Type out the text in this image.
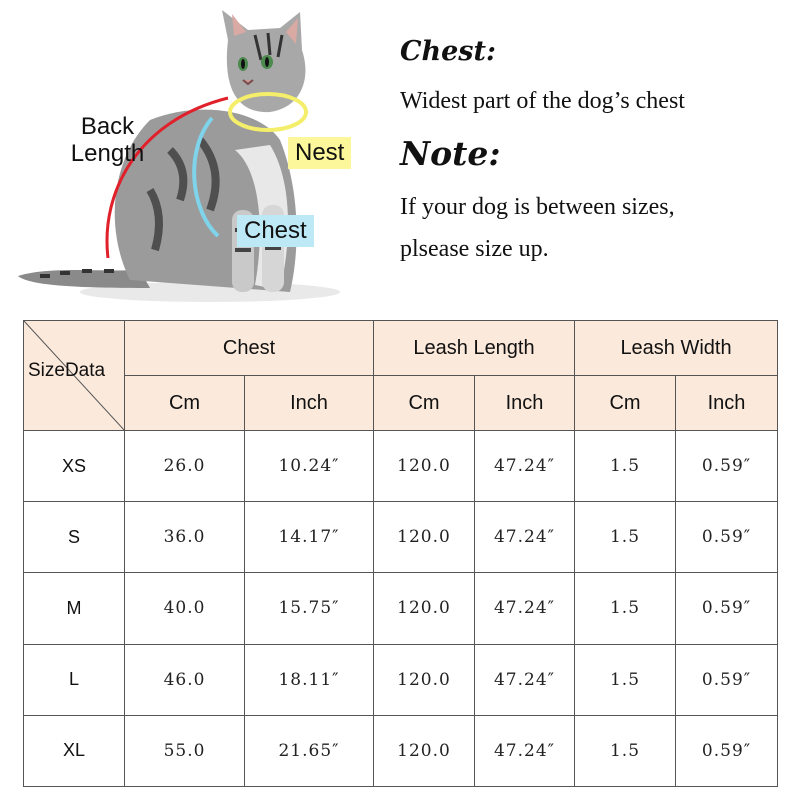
Back Length	Nest
Chest
Chest:
Widest part of the dog’s chest
Note:
If your dog is between sizes,
plsease size up.
SizeData	Chest		Leash Length		Leash Width	
	Cm	Inch	Cm	Inch	Cm	Inch
XS	26.0	10.24″	120.0	47.24″	1.5	0.59″
S	36.0	14.17″	120.0	47.24″	1.5	0.59″
M	40.0	15.75″	120.0	47.24″	1.5	0.59″
L	46.0	18.11″	120.0	47.24″	1.5	0.59″
XL	55.0	21.65″	120.0	47.24″	1.5	0.59″
